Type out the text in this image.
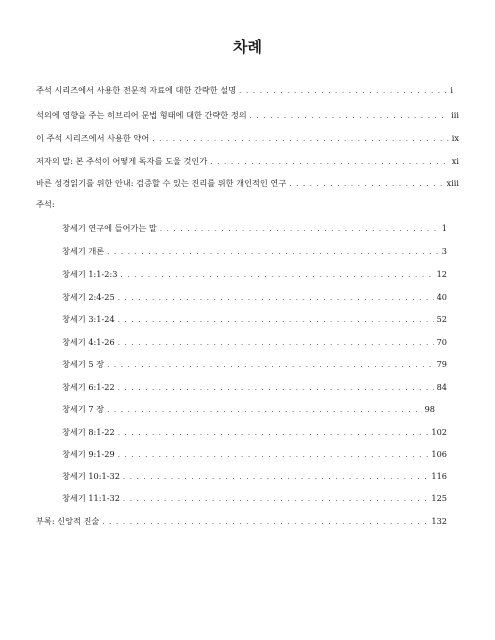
차례
주석 시리즈에서 사용한 전문적 자료에 대한 간략한 설명 . . .	i
석의에 영향을 주는 히브리어 문법 형태에 대한 간략한 정의 . . .	iii
이 주석 시리즈에서 사용한 약어 . . .	ix
저자의 말: 본 주석이 어떻게 독자를 도울 것인가 . . .	xi
바른 성경읽기를 위한 안내: 검증할 수 있는 진리를 위한 개인적인 연구 . . .	xiii
주석:
창세기 연구에 들어가는 말 . . .	1
창세기 개론 . . .	3
창세기 1:1-2:3 . . .	12
창세기 2:4-25 . . .	40
창세기 3:1-24 . . .	52
창세기 4:1-26 . . .	70
창세기 5 장 . . .	79
창세기 6:1-22 . . .	84
창세기 7 장 . . .	98
창세기 8:1-22 . . .	102
창세기 9:1-29 . . .	106
창세기 10:1-32 . . .	116
창세기 11:1-32 . . .	125
부록: 신앙적 진술 . . .	132
